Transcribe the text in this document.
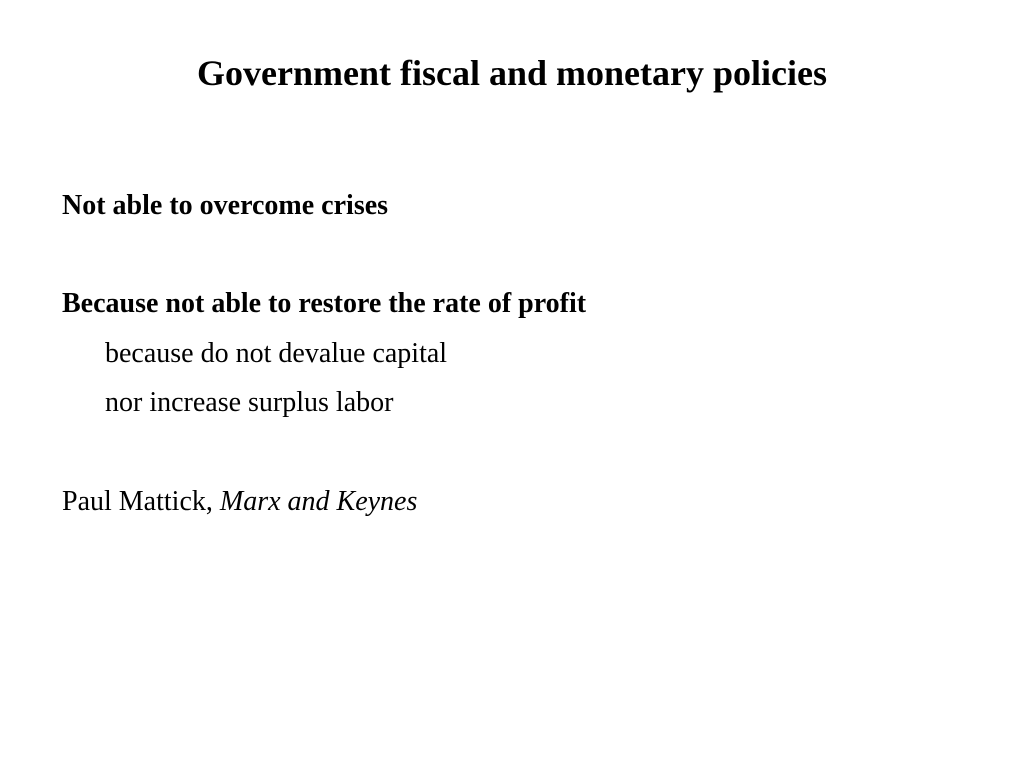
Government fiscal and monetary policies
Not able to overcome crises
Because not able to restore the rate of profit
because do not devalue capital
nor increase surplus labor
Paul Mattick, Marx and Keynes
